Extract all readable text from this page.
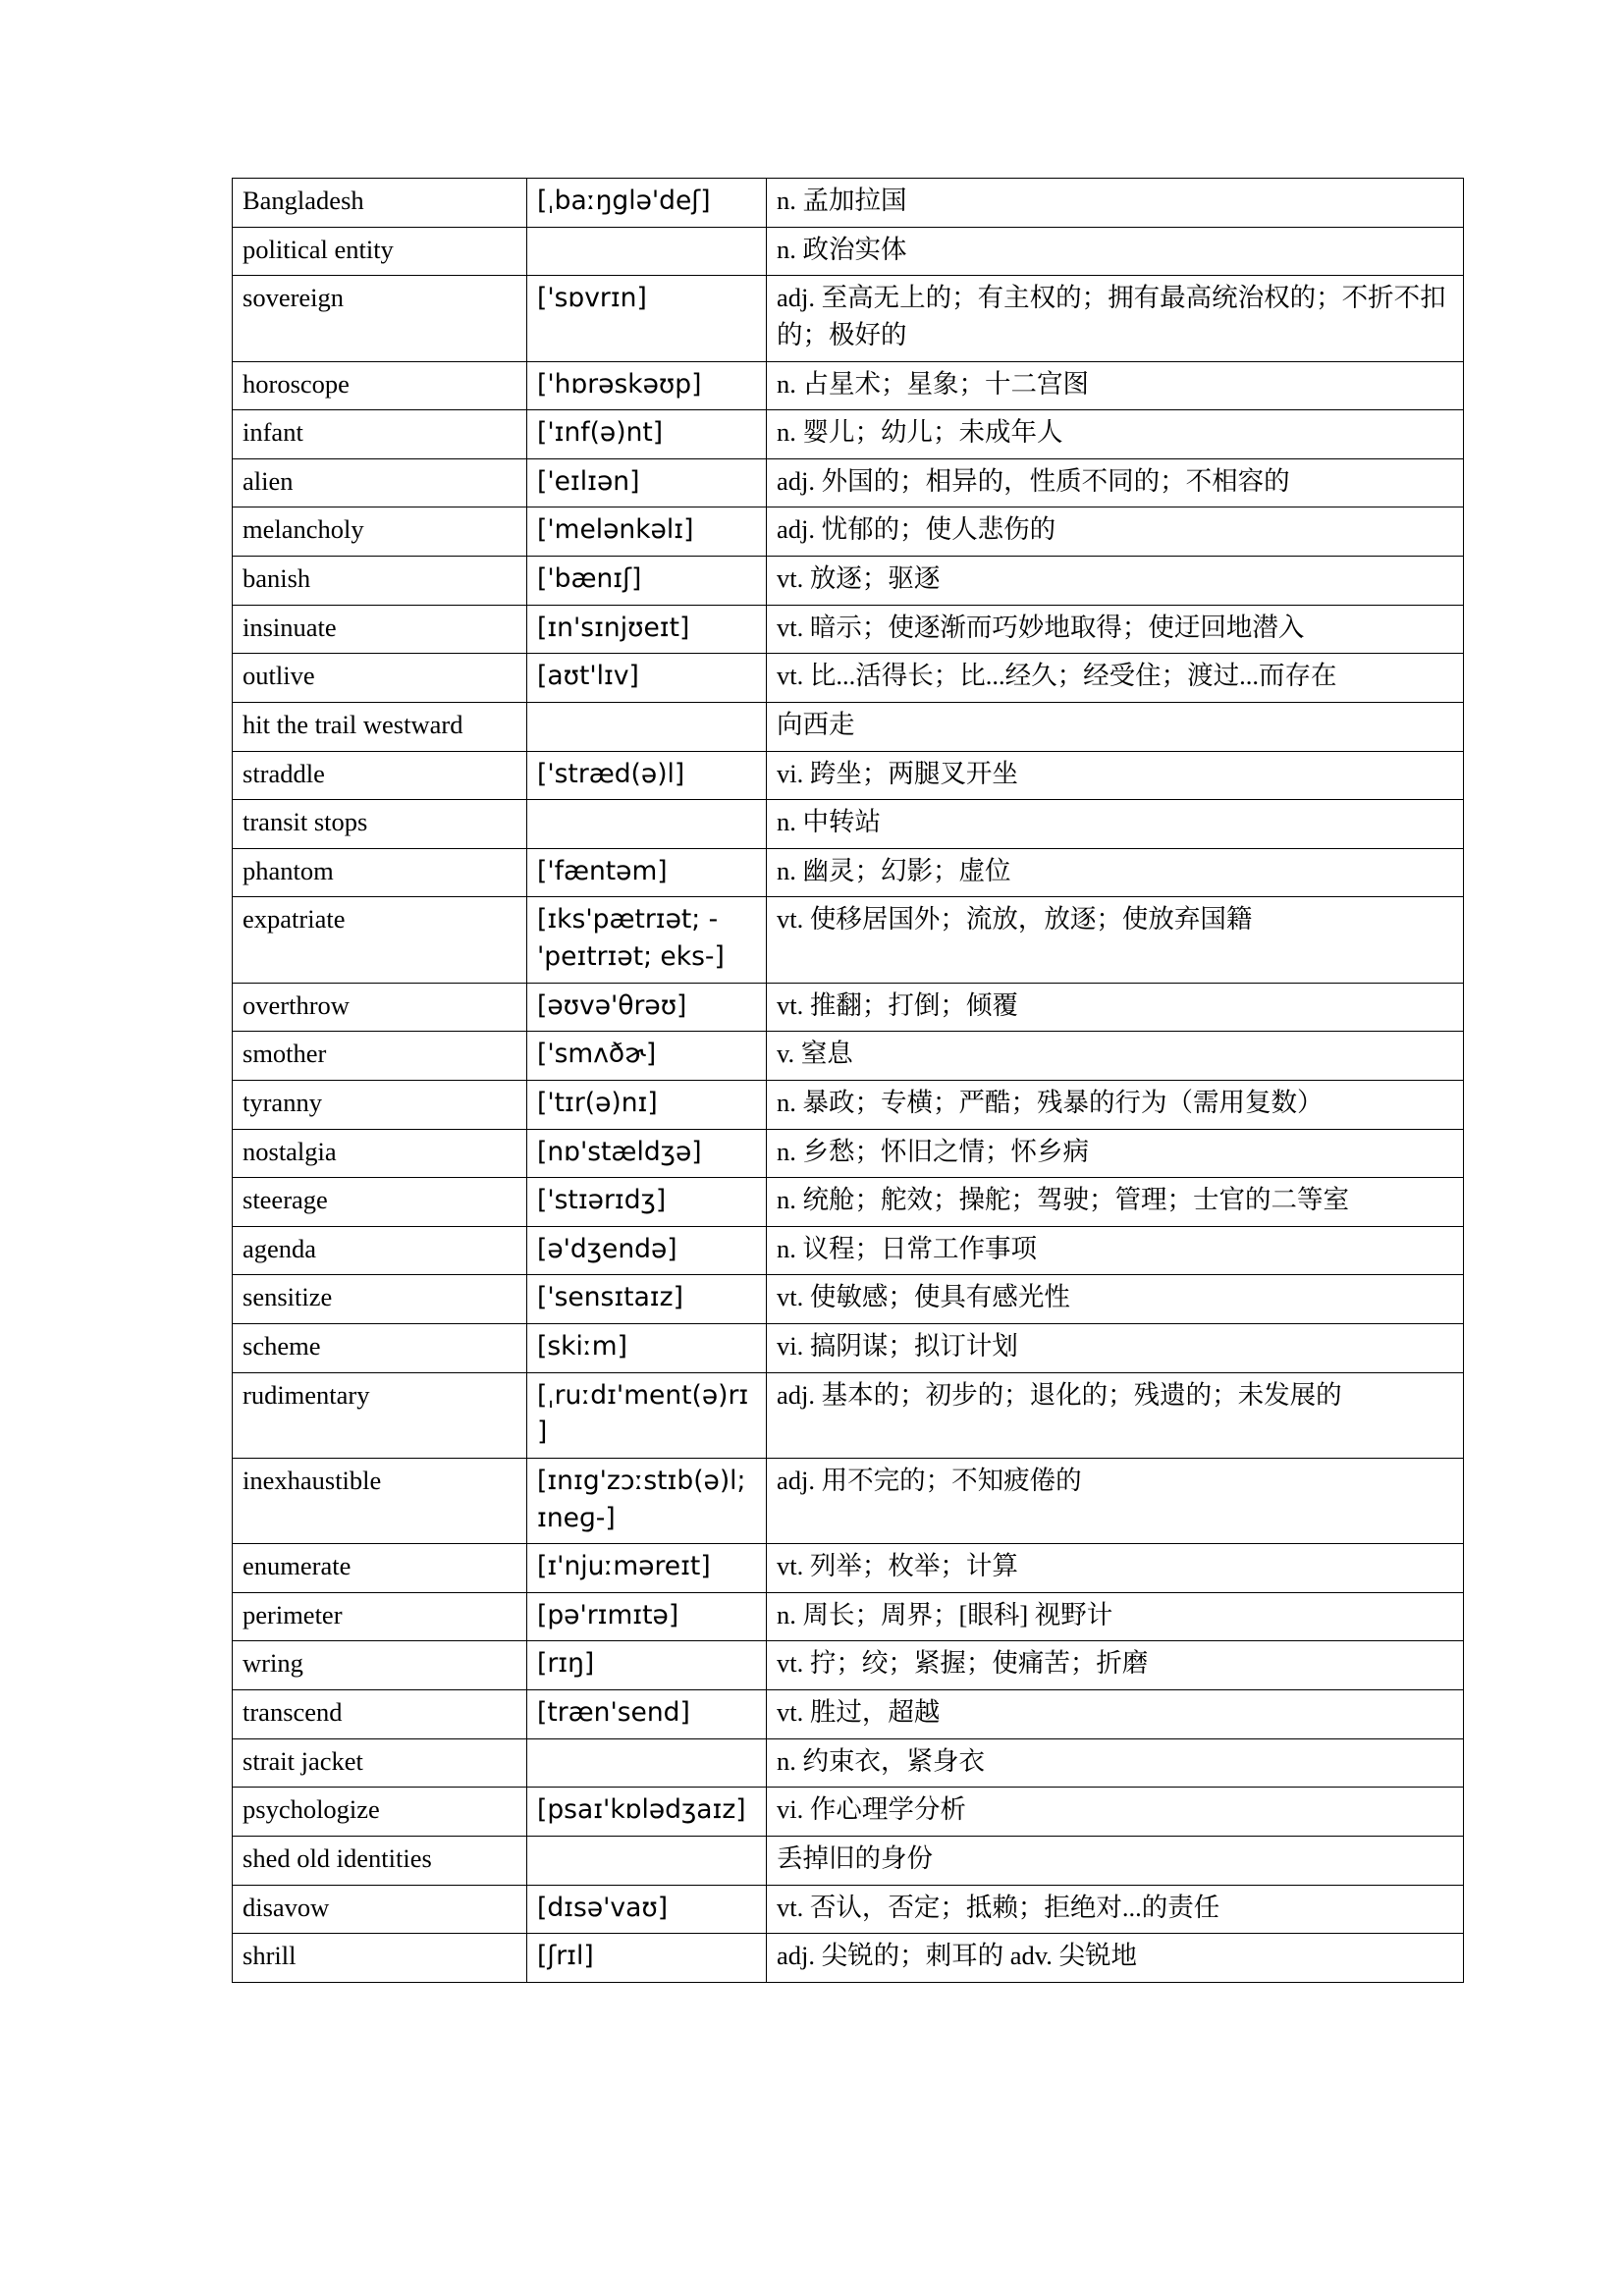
Bangladesh	[ˌbaːŋglə'deʃ]	n. 孟加拉国
political entity		n. 政治实体
sovereign	['sɒvrɪn]	adj. 至高无上的；有主权的；拥有最高统治权的；不折不扣的；极好的
horoscope	['hɒrəskəʊp]	n. 占星术；星象；十二宫图
infant	['ɪnf(ə)nt]	n. 婴儿；幼儿；未成年人
alien	['eɪlɪən]	adj. 外国的；相异的，性质不同的；不相容的
melancholy	['melənkəlɪ]	adj. 忧郁的；使人悲伤的
banish	['bænɪʃ]	vt. 放逐；驱逐
insinuate	[ɪn'sɪnjʊeɪt]	vt. 暗示；使逐渐而巧妙地取得；使迂回地潜入
outlive	[aʊt'lɪv]	vt. 比...活得长；比...经久；经受住；渡过...而存在
hit the trail westward		向西走
straddle	['stræd(ə)l]	vi. 跨坐；两腿叉开坐
transit stops		n. 中转站
phantom	['fæntəm]	n. 幽灵；幻影；虚位
expatriate	[ɪks'pætrɪət; -'peɪtrɪət; eks-]	vt. 使移居国外；流放，放逐；使放弃国籍
overthrow	[əʊvə'θrəʊ]	vt. 推翻；打倒；倾覆
smother	['smʌðɚ]	v. 窒息
tyranny	['tɪr(ə)nɪ]	n. 暴政；专横；严酷；残暴的行为（需用复数）
nostalgia	[nɒ'stældʒə]	n. 乡愁；怀旧之情；怀乡病
steerage	['stɪərɪdʒ]	n. 统舱；舵效；操舵；驾驶；管理；士官的二等室
agenda	[ə'dʒendə]	n. 议程；日常工作事项
sensitize	['sensɪtaɪz]	vt. 使敏感；使具有感光性
scheme	[skiːm]	vi. 搞阴谋；拟订计划
rudimentary	[ˌruːdɪ'ment(ə)rɪ]	adj. 基本的；初步的；退化的；残遗的；未发展的
inexhaustible	[ɪnɪg'zɔːstɪb(ə)l; ɪneɡ-]	adj. 用不完的；不知疲倦的
enumerate	[ɪ'njuːməreɪt]	vt. 列举；枚举；计算
perimeter	[pə'rɪmɪtə]	n. 周长；周界；[眼科] 视野计
wring	[rɪŋ]	vt. 拧；绞；紧握；使痛苦；折磨
transcend	[træn'send]	vt. 胜过，超越
strait jacket		n. 约束衣，紧身衣
psychologize	[psaɪ'kɒlədʒaɪz]	vi. 作心理学分析
shed old identities		丢掉旧的身份
disavow	[dɪsə'vaʊ]	vt. 否认，否定；抵赖；拒绝对...的责任
shrill	[ʃrɪl]	adj. 尖锐的；刺耳的 adv. 尖锐地
